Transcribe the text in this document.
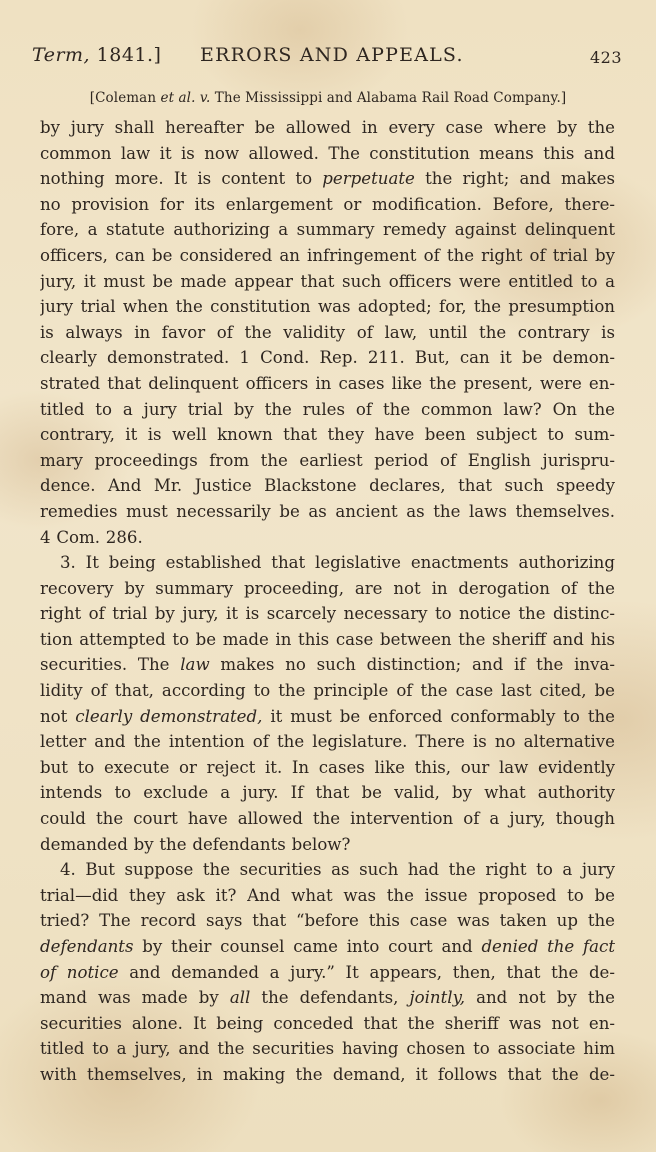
Term, 1841.] ERRORS AND APPEALS.	423
[Coleman et al. v. The Mississippi and Alabama Rail Road Company.]
by jury shall hereafter be allowed in every case where by the
common law it is now allowed. The constitution means this and
nothing more. It is content to perpetuate the right; and makes
no provision for its enlargement or modification. Before, there-
fore, a statute authorizing a summary remedy against delinquent
officers, can be considered an infringement of the right of trial by
jury, it must be made appear that such officers were entitled to a
jury trial when the constitution was adopted; for, the presumption
is always in favor of the validity of law, until the contrary is
clearly demonstrated. 1 Cond. Rep. 211. But, can it be demon-
strated that delinquent officers in cases like the present, were en-
titled to a jury trial by the rules of the common law? On the
contrary, it is well known that they have been subject to sum-
mary proceedings from the earliest period of English jurispru-
dence. And Mr. Justice Blackstone declares, that such speedy
remedies must necessarily be as ancient as the laws themselves.
4 Com. 286.
3. It being established that legislative enactments authorizing
recovery by summary proceeding, are not in derogation of the
right of trial by jury, it is scarcely necessary to notice the distinc-
tion attempted to be made in this case between the sheriff and his
securities. The law makes no such distinction; and if the inva-
lidity of that, according to the principle of the case last cited, be
not clearly demonstrated, it must be enforced conformably to the
letter and the intention of the legislature. There is no alternative
but to execute or reject it. In cases like this, our law evidently
intends to exclude a jury. If that be valid, by what authority
could the court have allowed the intervention of a jury, though
demanded by the defendants below?
4. But suppose the securities as such had the right to a jury
trial—did they ask it? And what was the issue proposed to be
tried? The record says that “before this case was taken up the
defendants by their counsel came into court and denied the fact
of notice and demanded a jury.” It appears, then, that the de-
mand was made by all the defendants, jointly, and not by the
securities alone. It being conceded that the sheriff was not en-
titled to a jury, and the securities having chosen to associate him
with themselves, in making the demand, it follows that the de-
